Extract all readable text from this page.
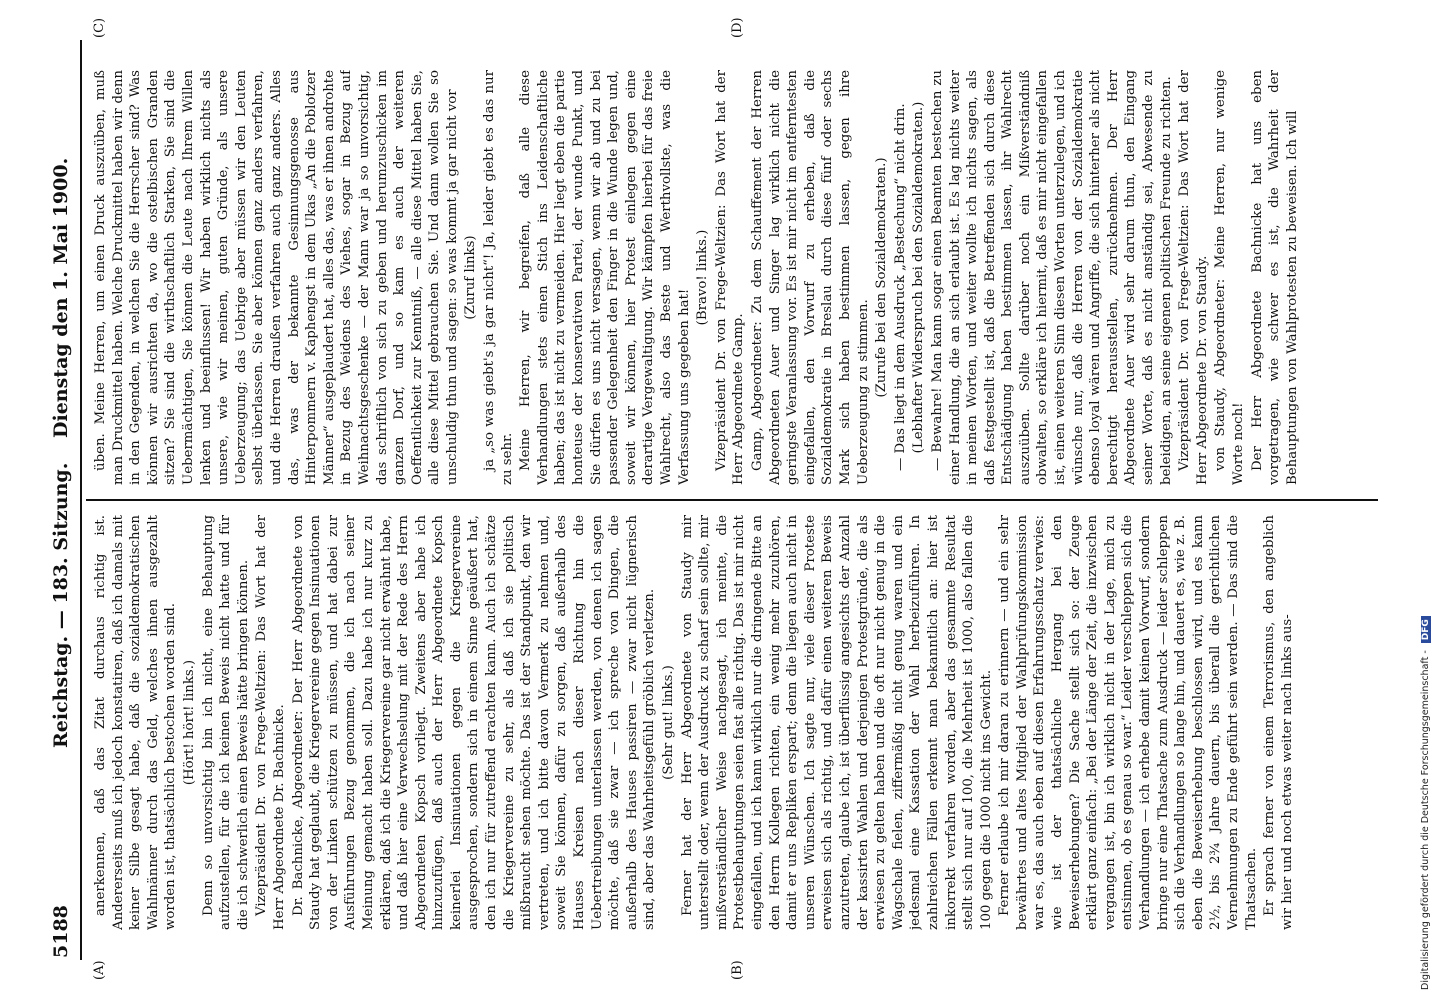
5188
Reichstag. — 183. Sitzung.
Dienstag den 1. Mai 1900.
(A)	(B)
(C)	(D)

anerkennen, daß das Zitat durchaus richtig ist. Andererseits muß ich jedoch konstatiren, daß ich damals mit keiner Silbe gesagt habe, daß die sozialdemokratischen Wahlmänner durch das Geld, welches ihnen ausgezahlt worden ist, thatsächlich bestochen worden sind. (Hört! hört! links.) Denn so unvorsichtig bin ich nicht, eine Behauptung aufzustellen, für die ich keinen Beweis nicht hatte und für die ich schwerlich einen Beweis hätte bringen können. Vizepräsident Dr. von Frege-Weltzien: Das Wort hat der Herr Abgeordnete Dr. Bachnicke. Dr. Bachnicke, Abgeordneter: Der Herr Abgeordnete von Staudy hat geglaubt, die Kriegervereine gegen Insinuationen von der Linken schützen zu müssen, und hat dabei zur Ausführungen Bezug genommen, die ich nach seiner Meinung gemacht haben soll. Dazu habe ich nur kurz zu erklären, daß ich die Kriegervereine gar nicht erwähnt habe, und daß hier eine Verwechselung mit der Rede des Herrn Abgeordneten Kopsch vorliegt. Zweitens aber habe ich hinzuzufügen, daß auch der Herr Abgeordnete Kopsch keinerlei Insinuationen gegen die Kriegervereine ausgesprochen, sondern sich in einem Sinne geäußert hat, den ich nur für zutreffend erachten kann. Auch ich schätze die Kriegervereine zu sehr, als daß ich sie politisch mißbraucht sehen möchte. Das ist der Standpunkt, den wir vertreten, und ich bitte davon Vermerk zu nehmen und, soweit Sie können, dafür zu sorgen, daß außerhalb des Hauses Kreisen nach dieser Richtung hin die Uebertreibungen unterlassen werden, von denen ich sagen möchte, daß sie zwar — ich spreche von Dingen, die außerhalb des Hauses passiren — zwar nicht lügnerisch sind, aber das Wahrheitsgefühl gröblich verletzen. (Sehr gut! links.) Ferner hat der Herr Abgeordnete von Staudy mir unterstellt oder, wenn der Ausdruck zu scharf sein sollte, mir mißverständlicher Weise nachgesagt, ich meinte, die Protestbehauptungen seien fast alle richtig. Das ist mir nicht eingefallen, und ich kann wirklich nur die dringende Bitte an den Herrn Kollegen richten, ein wenig mehr zuzuhören, damit er uns Repliken erspart; denn die liegen auch nicht in unseren Wünschen. Ich sagte nur, viele dieser Proteste erweisen sich als richtig, und dafür einen weiteren Beweis anzutreten, glaube ich, ist überflüssig angesichts der Anzahl der kassirten Wahlen und derjenigen Protestgründe, die als erwiesen zu gelten haben und die oft nur nicht genug in die Wagschale fielen, ziffermäßig nicht genug waren und ein jedesmal eine Kassation der Wahl herbeizuführen. In zahlreichen Fällen erkennt man bekanntlich an: hier ist inkorrekt verfahren worden, aber das gesammte Resultat stellt sich nur auf 100, die Mehrheit ist 1000, also fallen die 100 gegen die 1000 nicht ins Gewicht. Ferner erlaube ich mir daran zu erinnern — und ein sehr bewährtes und altes Mitglied der Wahlprüfungskommission war es, das auch eben auf diesen Erfahrungsschatz verwies: wie ist der thatsächliche Hergang bei den Beweiserhebungen? Die Sache stellt sich so: der Zeuge erklärt ganz einfach: „Bei der Länge der Zeit, die inzwischen vergangen ist, bin ich wirklich nicht in der Lage, mich zu entsinnen, ob es genau so war.“ Leider verschleppen sich die Verhandlungen — ich erhebe damit keinen Vorwurf, sondern bringe nur eine Thatsache zum Ausdruck — leider schleppen sich die Verhandlungen so lange hin, und dauert es, wie z. B. eben die Beweiserhebung beschlossen wird, und es kann 2½, bis 2¾ Jahre dauern, bis überall die gerichtlichen Vernehmungen zu Ende geführt sein werden. — Das sind die Thatsachen. Er sprach ferner von einem Terrorismus, den angeblich wir hier und noch etwas weiter nach links aus-

üben. Meine Herren, um einen Druck auszuüben, muß man Druckmittel haben. Welche Druckmittel haben wir denn in den Gegenden, in welchen Sie die Herrscher sind? Was können wir ausrichten da, wo die ostelbischen Granden sitzen? Sie sind die wirthschaftlich Starken, Sie sind die Uebermächtigen, Sie können die Leute nach Ihrem Willen lenken und beeinflussen! Wir haben wirklich nichts als unsere, wie wir meinen, guten Gründe, als unsere Ueberzeugung; das Uebrige aber müssen wir den Leuten selbst überlassen. Sie aber können ganz anders verfahren, und die Herren draußen verfahren auch ganz anders. Alles das, was der bekannte Gesinnungsgenosse aus Hinterpommern v. Kaphengst in dem Ukas „An die Poblotzer Männer“ ausgeplaudert hat, alles das, was er ihnen androhte in Bezug des Weidens des Viehes, sogar in Bezug auf Weihnachtsgeschenke — der Mann war ja so unvorsichtig, das schriftlich von sich zu geben und herumzuschicken im ganzen Dorf, und so kam es auch der weiteren Oeffentlichkeit zur Kenntniß, — alle diese Mittel haben Sie, alle diese Mittel gebrauchen Sie. Und dann wollen Sie so unschuldig thun und sagen: so was kommt ja gar nicht vor (Zuruf links) ja „so was giebt's ja gar nicht“! Ja, leider giebt es das nur zu sehr. Meine Herren, wir begreifen, daß alle diese Verhandlungen stets einen Stich ins Leidenschaftliche haben; das ist nicht zu vermeiden. Hier liegt eben die partie honteuse der konservativen Partei, der wunde Punkt, und Sie dürfen es uns nicht versagen, wenn wir ab und zu bei passender Gelegenheit den Finger in die Wunde legen und, soweit wir können, hier Protest einlegen gegen eine derartige Vergewaltigung. Wir kämpfen hierbei für das freie Wahlrecht, also das Beste und Werthvollste, was die Verfassung uns gegeben hat!

(Bravo! links.) Vizepräsident Dr. von Frege-Weltzien: Das Wort hat der Herr Abgeordnete Gamp. Gamp, Abgeordneter: Zu dem Schauffement der Herren Abgeordneten Auer und Singer lag wirklich nicht die geringste Veranlassung vor. Es ist mir nicht im entferntesten eingefallen, den Vorwurf zu erheben, daß die Sozialdemokratie in Breslau durch diese fünf oder sechs Mark sich haben bestimmen lassen, gegen ihre Ueberzeugung zu stimmen. (Zurufe bei den Sozialdemokraten.) — Das liegt in dem Ausdruck „Bestechung“ nicht drin. (Lebhafter Widerspruch bei den Sozialdemokraten.) — Bewahre! Man kann sogar einen Beamten bestechen zu einer Handlung, die an sich erlaubt ist. Es lag nichts weiter in meinen Worten, und weiter wollte ich nichts sagen, als daß festgestellt ist, daß die Betreffenden sich durch diese Entschädigung haben bestimmen lassen, ihr Wahlrecht auszuüben. Sollte darüber noch ein Mißverständniß obwalten, so erkläre ich hiermit, daß es mir nicht eingefallen ist, einen weiteren Sinn diesen Worten unterzulegen, und ich wünsche nur, daß die Herren von der Sozialdemokratie ebenso loyal wären und Angriffe, die sich hinterher als nicht berechtigt herausstellen, zurücknehmen. Der Herr Abgeordnete Auer wird sehr darum thun, den Eingang seiner Worte, daß es nicht anständig sei, Abwesende zu beleidigen, an seine eigenen politischen Freunde zu richten. Vizepräsident Dr. von Frege-Weltzien: Das Wort hat der Herr Abgeordnete Dr. von Staudy. von Staudy, Abgeordneter: Meine Herren, nur wenige Worte noch! Der Herr Abgeordnete Bachnicke hat uns eben vorgetragen, wie schwer es ist, die Wahrheit der Behauptungen von Wahlprotesten zu beweisen. Ich will

Digitalisierung gefördert durch die Deutsche Forschungsgemeinschaft - DFG
